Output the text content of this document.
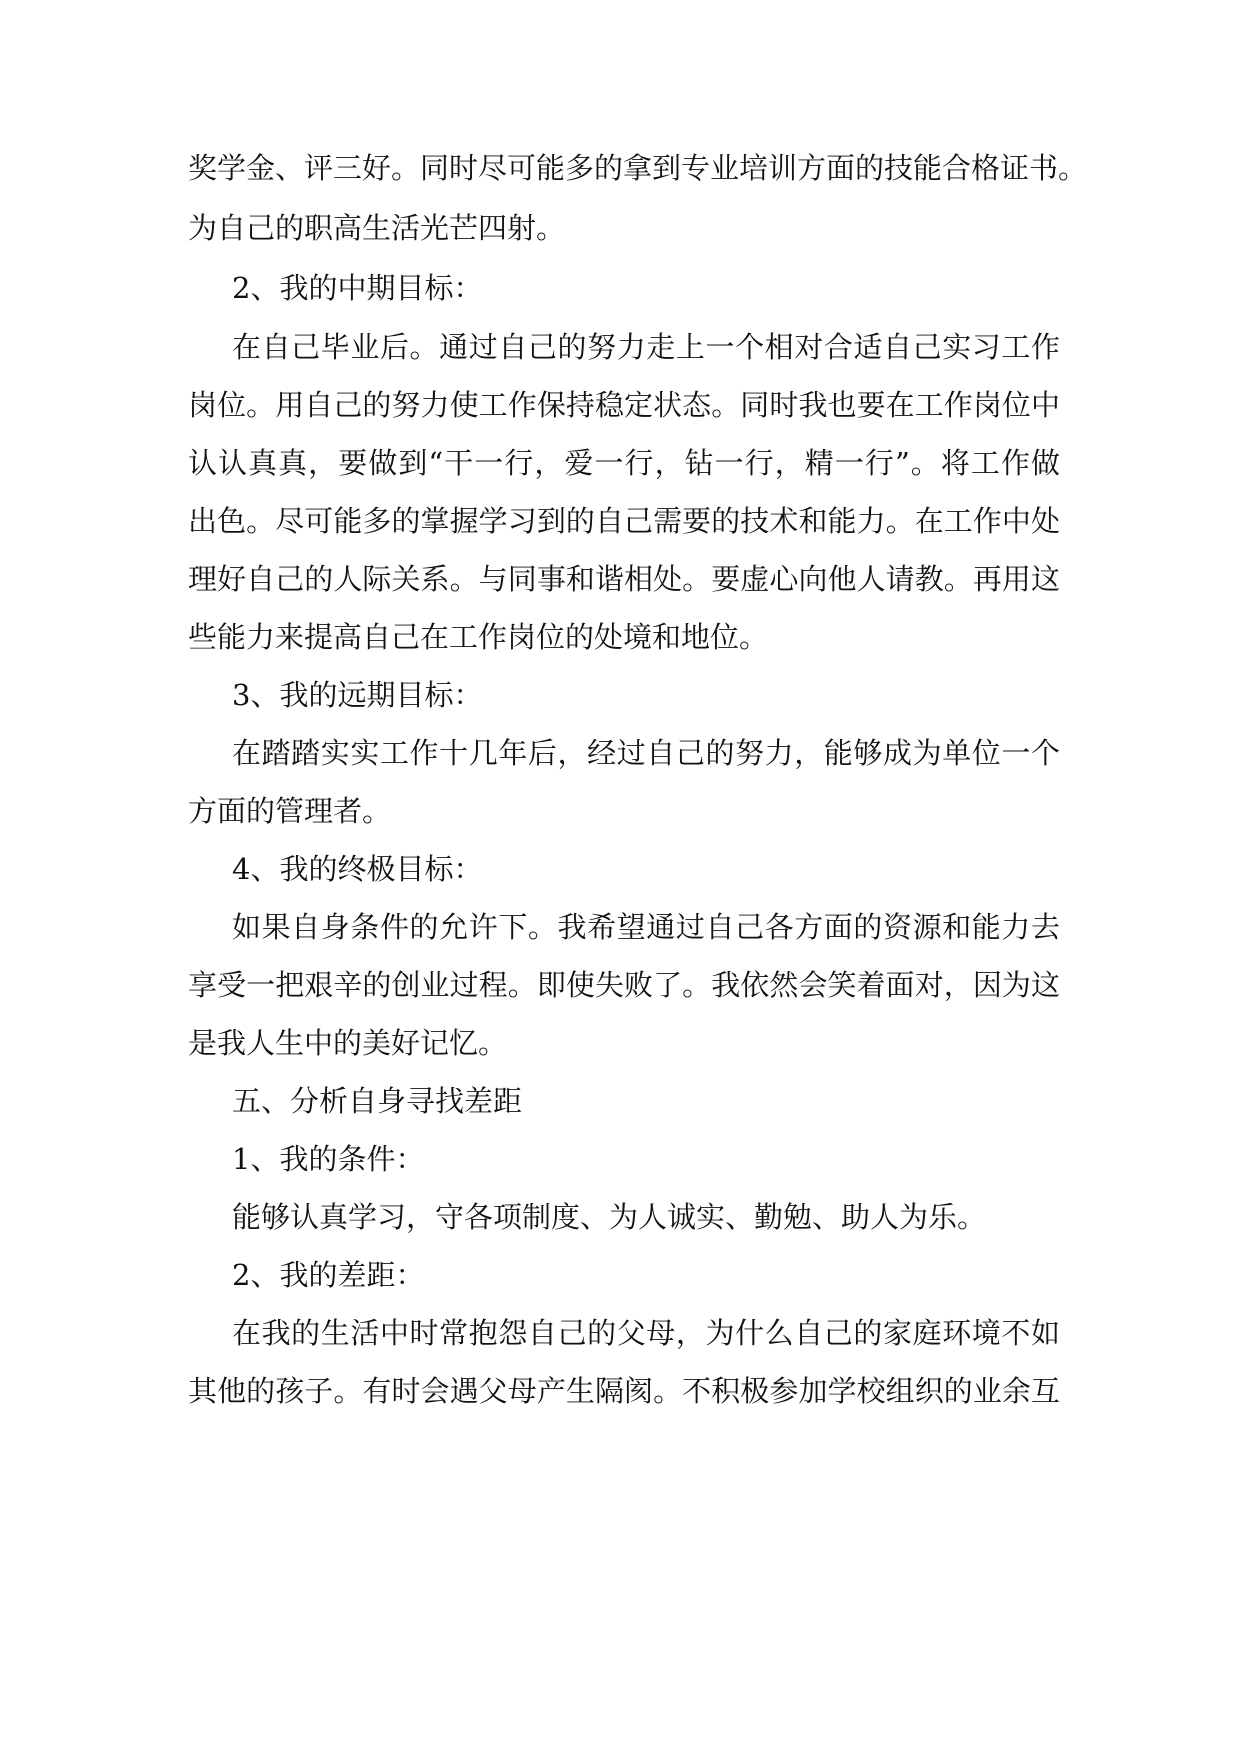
奖学金、评三好。同时尽可能多的拿到专业培训方面的技能合格证书。
为自己的职高生活光芒四射。
2、我的中期目标：
在自己毕业后。通过自己的努力走上一个相对合适自己实习工作
岗位。用自己的努力使工作保持稳定状态。同时我也要在工作岗位中
认认真真，要做到“干一行，爱一行，钻一行，精一行”。将工作做
出色。尽可能多的掌握学习到的自己需要的技术和能力。在工作中处
理好自己的人际关系。与同事和谐相处。要虚心向他人请教。再用这
些能力来提高自己在工作岗位的处境和地位。
3、我的远期目标：
在踏踏实实工作十几年后，经过自己的努力，能够成为单位一个
方面的管理者。
4、我的终极目标：
如果自身条件的允许下。我希望通过自己各方面的资源和能力去
享受一把艰辛的创业过程。即使失败了。我依然会笑着面对，因为这
是我人生中的美好记忆。
五、分析自身寻找差距
1、我的条件：
能够认真学习，守各项制度、为人诚实、勤勉、助人为乐。
2、我的差距：
在我的生活中时常抱怨自己的父母，为什么自己的家庭环境不如
其他的孩子。有时会遇父母产生隔阂。不积极参加学校组织的业余互
